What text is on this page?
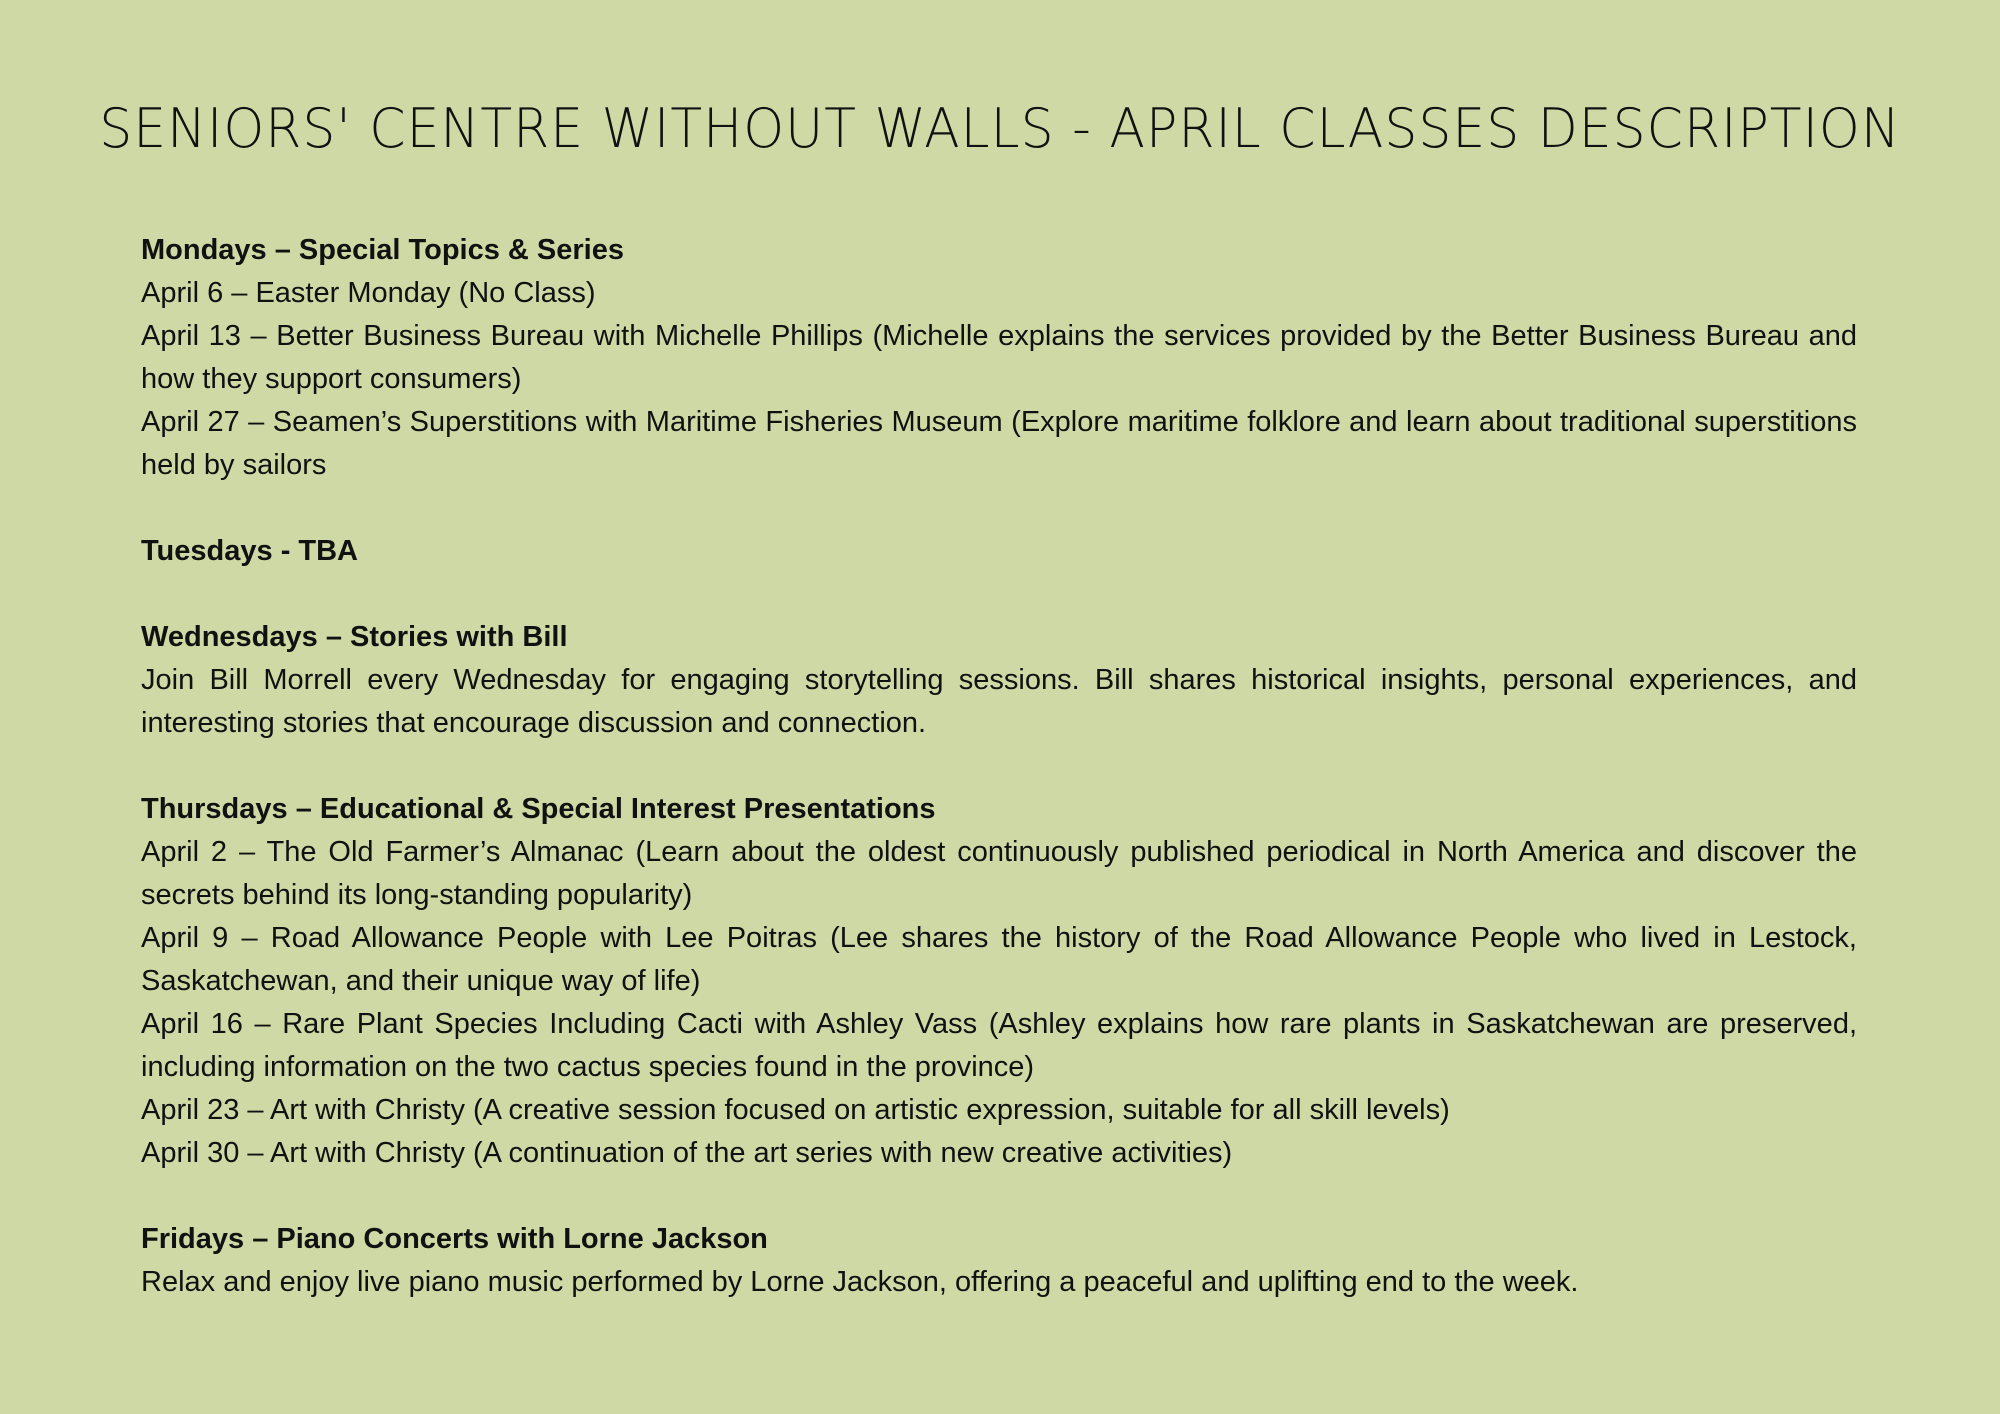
SENIORS' CENTRE WITHOUT WALLS - APRIL CLASSES DESCRIPTION

Mondays – Special Topics & Series

April 6 – Easter Monday (No Class)

April 13 – Better Business Bureau with Michelle Phillips (Michelle explains the services provided by the Better Business Bureau and how they support consumers)

April 27 – Seamen’s Superstitions with Maritime Fisheries Museum (Explore maritime folklore and learn about traditional superstitions held by sailors

Tuesdays - TBA

Wednesdays – Stories with Bill

Join Bill Morrell every Wednesday for engaging storytelling sessions. Bill shares historical insights, personal experiences, and interesting stories that encourage discussion and connection.

Thursdays – Educational & Special Interest Presentations

April 2 – The Old Farmer’s Almanac (Learn about the oldest continuously published periodical in North America and discover the secrets behind its long-standing popularity)

April 9 – Road Allowance People with Lee Poitras (Lee shares the history of the Road Allowance People who lived in Lestock, Saskatchewan, and their unique way of life)

April 16 – Rare Plant Species Including Cacti with Ashley Vass (Ashley explains how rare plants in Saskatchewan are preserved, including information on the two cactus species found in the province)

April 23 – Art with Christy (A creative session focused on artistic expression, suitable for all skill levels)

April 30 – Art with Christy (A continuation of the art series with new creative activities)

Fridays – Piano Concerts with Lorne Jackson

Relax and enjoy live piano music performed by Lorne Jackson, offering a peaceful and uplifting end to the week.
